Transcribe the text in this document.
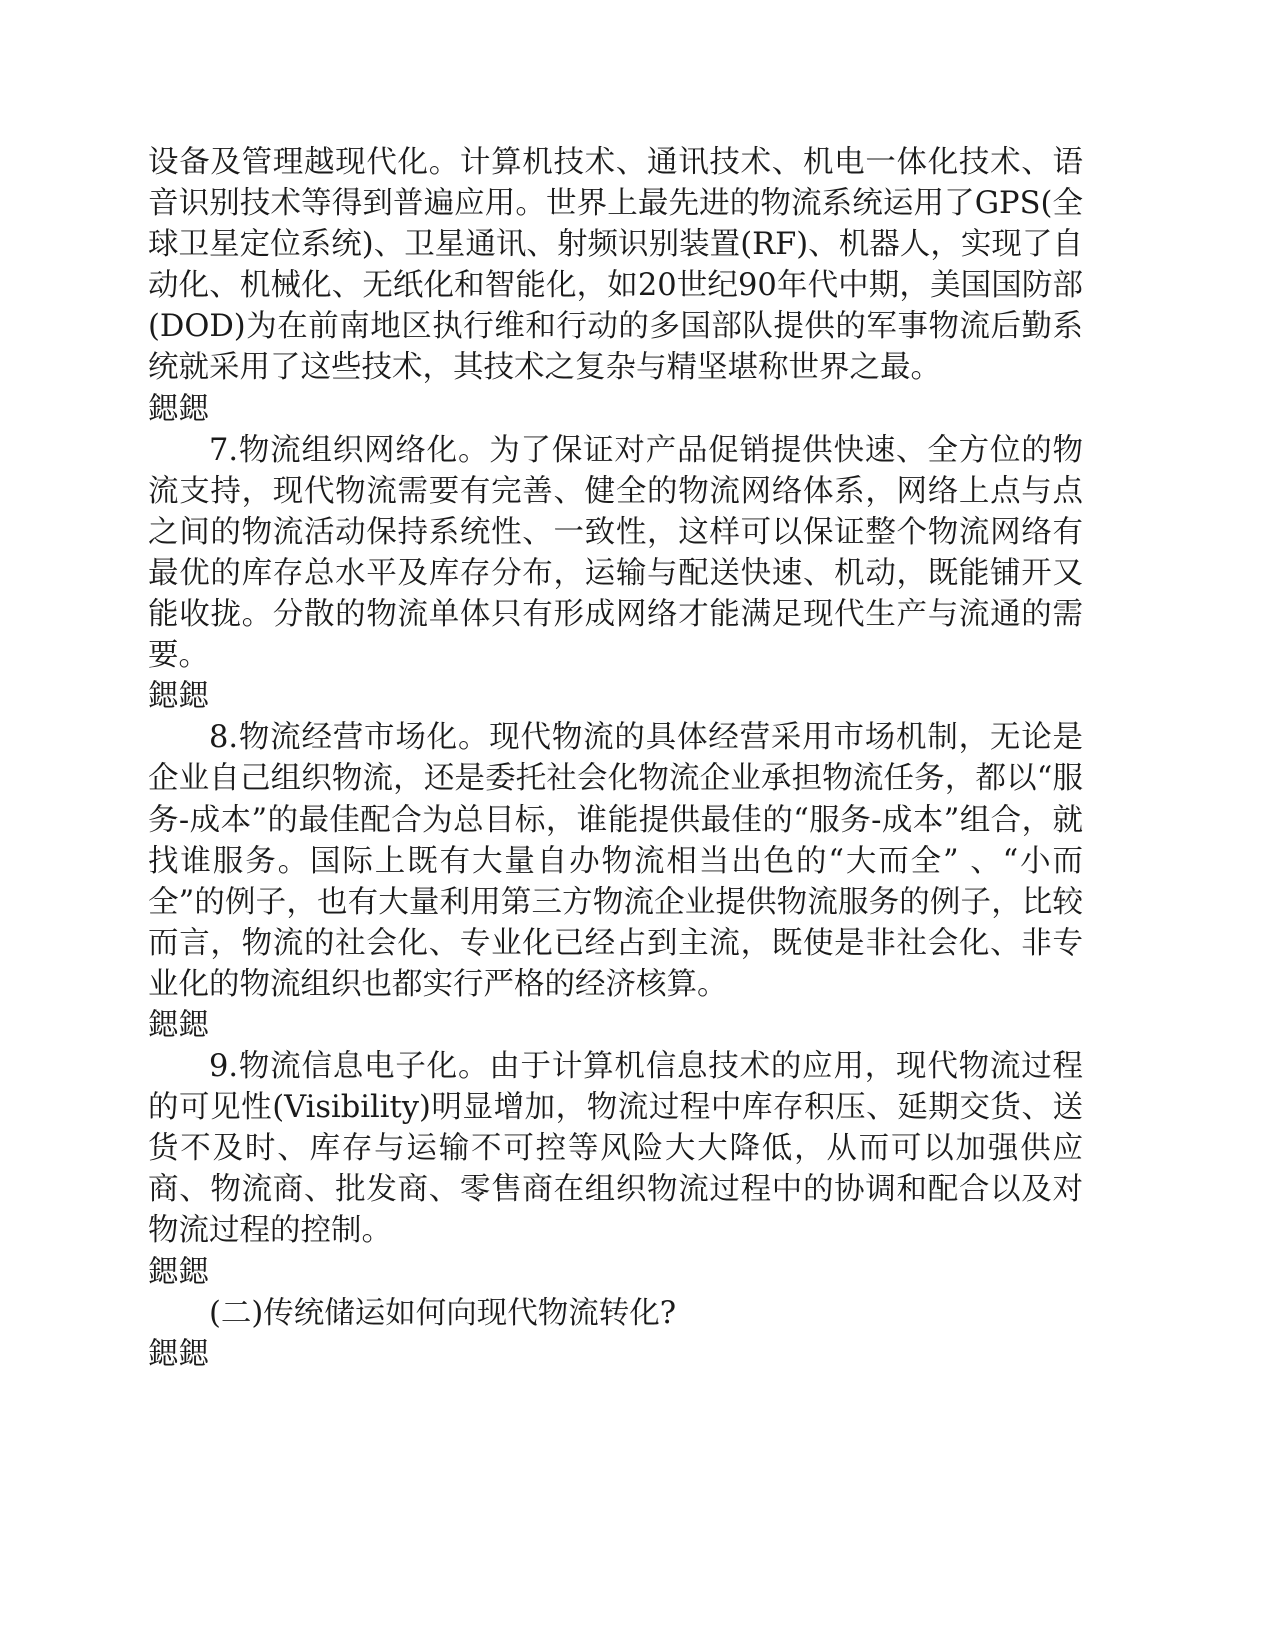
设备及管理越现代化。计算机技术、通讯技术、机电一体化技术、语音识别技术等得到普遍应用。世界上最先进的物流系统运用了GPS(全球卫星定位系统)、卫星通讯、射频识别装置(RF)、机器人，实现了自动化、机械化、无纸化和智能化，如20世纪90年代中期，美国国防部(DOD)为在前南地区执行维和行动的多国部队提供的军事物流后勤系统就采用了这些技术，其技术之复杂与精坚堪称世界之最。

鍶鍶

7.物流组织网络化。为了保证对产品促销提供快速、全方位的物流支持，现代物流需要有完善、健全的物流网络体系，网络上点与点之间的物流活动保持系统性、一致性，这样可以保证整个物流网络有最优的库存总水平及库存分布，运输与配送快速、机动，既能铺开又能收拢。分散的物流单体只有形成网络才能满足现代生产与流通的需要。

鍶鍶

8.物流经营市场化。现代物流的具体经营采用市场机制，无论是企业自己组织物流，还是委托社会化物流企业承担物流任务，都以“服务-成本”的最佳配合为总目标，谁能提供最佳的“服务-成本”组合，就找谁服务。国际上既有大量自办物流相当出色的“大而全” 、“小而全”的例子，也有大量利用第三方物流企业提供物流服务的例子，比较而言，物流的社会化、专业化已经占到主流，既使是非社会化、非专业化的物流组织也都实行严格的经济核算。

鍶鍶

9.物流信息电子化。由于计算机信息技术的应用，现代物流过程的可见性(Visibility)明显增加，物流过程中库存积压、延期交货、送货不及时、库存与运输不可控等风险大大降低，从而可以加强供应商、物流商、批发商、零售商在组织物流过程中的协调和配合以及对物流过程的控制。

鍶鍶

(二)传统储运如何向现代物流转化?

鍶鍶
